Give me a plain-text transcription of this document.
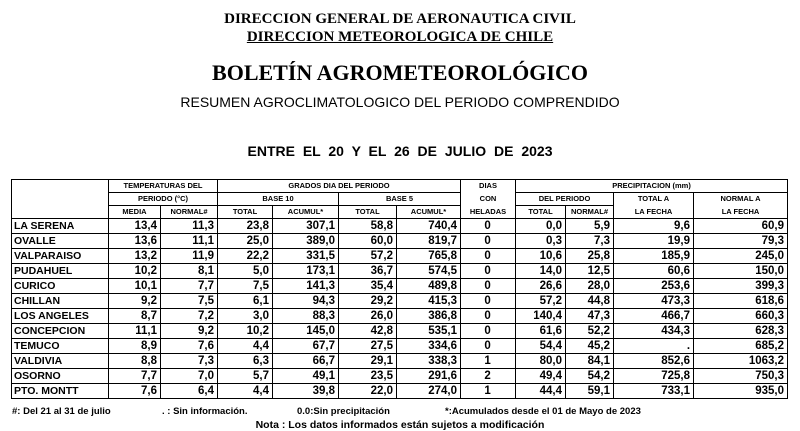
DIRECCION GENERAL DE AERONAUTICA CIVIL
DIRECCION METEOROLOGICA DE CHILE
BOLETÍN AGROMETEOROLÓGICO
RESUMEN AGROCLIMATOLOGICO DEL PERIODO COMPRENDIDO
ENTRE EL 20 Y EL 26 DE JULIO DE 2023
	TEMPERATURAS DEL		GRADOS DIA DEL PERIODO				DIAS	PRECIPITACION (mm)			
	PERIODO (°C)		BASE 10		BASE 5		CON	DEL PERIODO		TOTAL A	NORMAL A
	MEDIA	NORMAL#	TOTAL	ACUMUL*	TOTAL	ACUMUL*	HELADAS	TOTAL	NORMAL#	LA FECHA	LA FECHA
LA SERENA	13,4	11,3	23,8	307,1	58,8	740,4	0	0,0	5,9	9,6	60,9
OVALLE	13,6	11,1	25,0	389,0	60,0	819,7	0	0,3	7,3	19,9	79,3
VALPARAISO	13,2	11,9	22,2	331,5	57,2	765,8	0	10,6	25,8	185,9	245,0
PUDAHUEL	10,2	8,1	5,0	173,1	36,7	574,5	0	14,0	12,5	60,6	150,0
CURICO	10,1	7,7	7,5	141,3	35,4	489,8	0	26,6	28,0	253,6	399,3
CHILLAN	9,2	7,5	6,1	94,3	29,2	415,3	0	57,2	44,8	473,3	618,6
LOS ANGELES	8,7	7,2	3,0	88,3	26,0	386,8	0	140,4	47,3	466,7	660,3
CONCEPCION	11,1	9,2	10,2	145,0	42,8	535,1	0	61,6	52,2	434,3	628,3
TEMUCO	8,9	7,6	4,4	67,7	27,5	334,6	0	54,4	45,2	.	685,2
VALDIVIA	8,8	7,3	6,3	66,7	29,1	338,3	1	80,0	84,1	852,6	1063,2
OSORNO	7,7	7,0	5,7	49,1	23,5	291,6	2	49,4	54,2	725,8	750,3
PTO. MONTT	7,6	6,4	4,4	39,8	22,0	274,0	1	44,4	59,1	733,1	935,0
#: Del 21 al 31 de julio	. : Sin información.	0.0:Sin precipitación	*:Acumulados desde el 01 de Mayo de 2023
Nota : Los datos informados están sujetos a modificación
